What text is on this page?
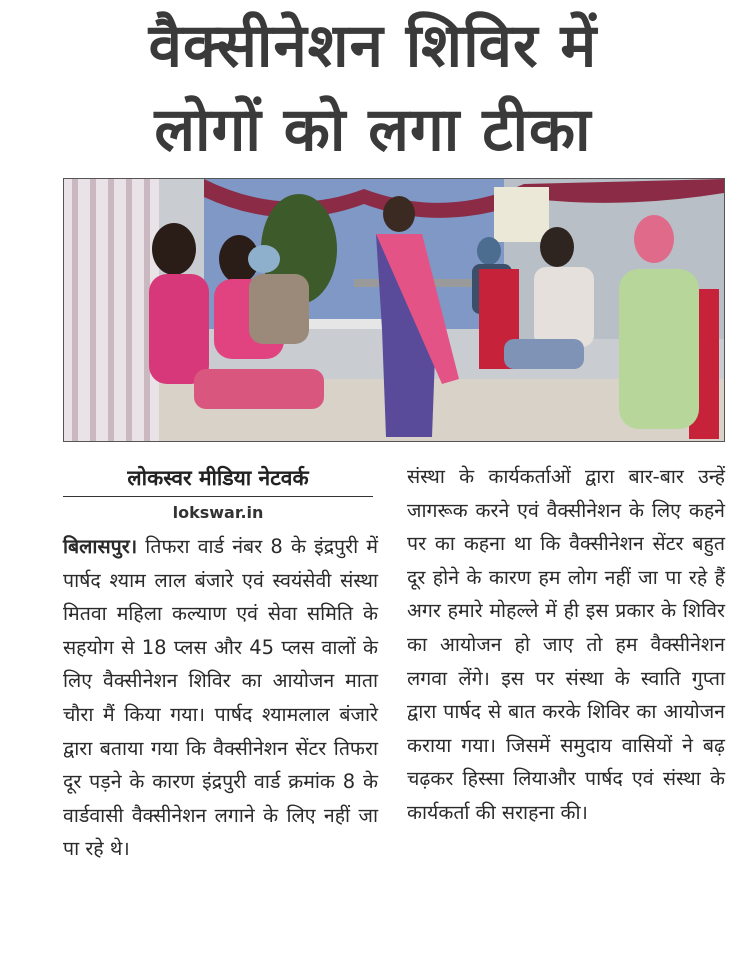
वैक्सीनेशन शिविर में
लोगों को लगा टीका
लोकस्वर मीडिया नेटवर्क
lokswar.in
बिलासपुर। तिफरा वार्ड नंबर 8 के इंद्रपुरी में पार्षद श्याम लाल बंजारे एवं स्वयंसेवी संस्था मितवा महिला कल्याण एवं सेवा समिति के सहयोग से 18 प्लस और 45 प्लस वालों के लिए वैक्सीनेशन शिविर का आयोजन माता चौरा मैं किया गया। पार्षद श्यामलाल बंजारे द्वारा बताया गया कि वैक्सीनेशन सेंटर तिफरा दूर पड़ने के कारण इंद्रपुरी वार्ड क्रमांक 8 के वार्डवासी वैक्सीनेशन लगाने के लिए नहीं जा पा रहे थे।
संस्था के कार्यकर्ताओं द्वारा बार-बार उन्हें जागरूक करने एवं वैक्सीनेशन के लिए कहने पर का कहना था कि वैक्सीनेशन सेंटर बहुत दूर होने के कारण हम लोग नहीं जा पा रहे हैं अगर हमारे मोहल्ले में ही इस प्रकार के शिविर का आयोजन हो जाए तो हम वैक्सीनेशन लगवा लेंगे। इस पर संस्था के स्वाति गुप्ता द्वारा पार्षद से बात करके शिविर का आयोजन कराया गया। जिसमें समुदाय वासियों ने बढ़ चढ़कर हिस्सा लियाऔर पार्षद एवं संस्था के कार्यकर्ता की सराहना की।
